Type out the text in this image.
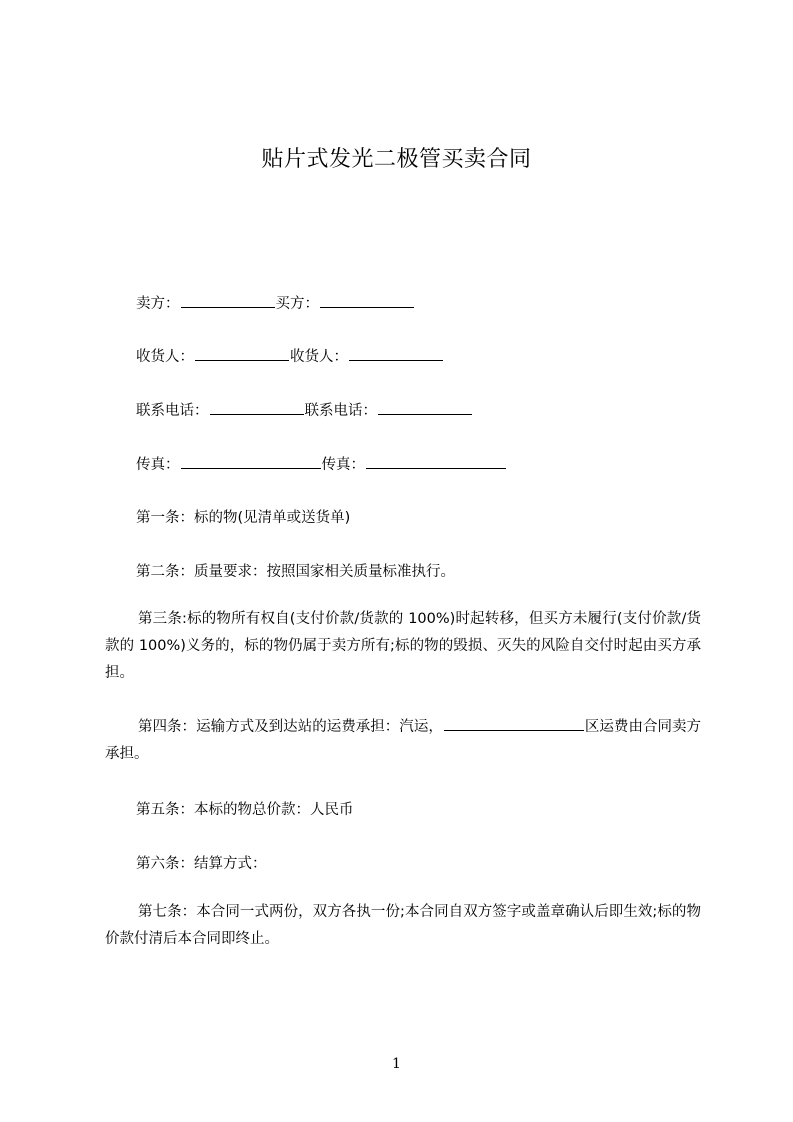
贴片式发光二极管买卖合同
卖方：	买方：
收货人：	收货人：
联系电话：	联系电话：
传真：	传真：
第一条：标的物(见清单或送货单)
第二条：质量要求：按照国家相关质量标准执行。
第三条:标的物所有权自(支付价款/货款的 100%)时起转移，但买方未履行(支付价款/货款的 100%)义务的，标的物仍属于卖方所有;标的物的毁损、灭失的风险自交付时起由买方承担。
第四条：运输方式及到达站的运费承担：汽运，	区运费由合同卖方承担。
第五条：本标的物总价款：人民币
第六条：结算方式：
第七条：本合同一式两份，双方各执一份;本合同自双方签字或盖章确认后即生效;标的物价款付清后本合同即终止。
1
